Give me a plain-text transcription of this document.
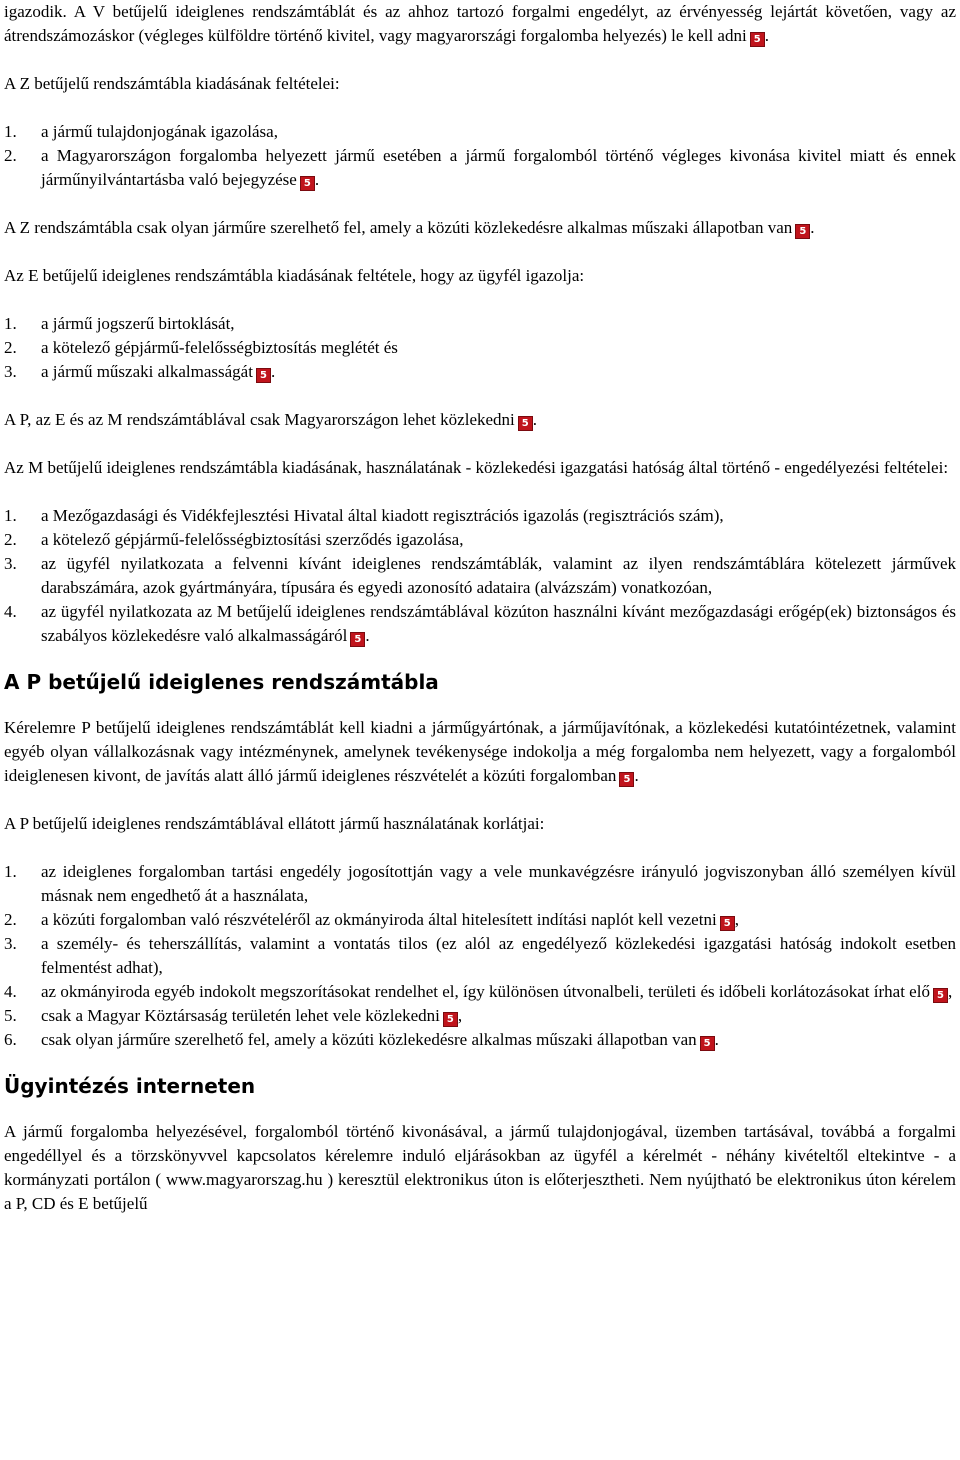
igazodik. A V betűjelű ideiglenes rendszámtáblát és az ahhoz tartozó forgalmi engedélyt, az érvényesség lejártát követően, vagy az átrendszámozáskor (végleges külföldre történő kivitel, vagy magyarországi forgalomba helyezés) le kell adni 5 .

A Z betűjelű rendszámtábla kiadásának feltételei:

1.	a jármű tulajdonjogának igazolása,
2.	a Magyarországon forgalomba helyezett jármű esetében a jármű forgalomból történő végleges kivonása kivitel miatt és ennek járműnyilvántartásba való bejegyzése 5 .

A Z rendszámtábla csak olyan járműre szerelhető fel, amely a közúti közlekedésre alkalmas műszaki állapotban van 5 .

Az E betűjelű ideiglenes rendszámtábla kiadásának feltétele, hogy az ügyfél igazolja:

1.	a jármű jogszerű birtoklását,
2.	a kötelező gépjármű-felelősségbiztosítás meglétét és
3.	a jármű műszaki alkalmasságát 5 .

A P, az E és az M rendszámtáblával csak Magyarországon lehet közlekedni 5 .

Az M betűjelű ideiglenes rendszámtábla kiadásának, használatának - közlekedési igazgatási hatóság által történő - engedélyezési feltételei:

1.	a Mezőgazdasági és Vidékfejlesztési Hivatal által kiadott regisztrációs igazolás (regisztrációs szám),
2.	a kötelező gépjármű-felelősségbiztosítási szerződés igazolása,
3.	az ügyfél nyilatkozata a felvenni kívánt ideiglenes rendszámtáblák, valamint az ilyen rendszámtáblára kötelezett járművek darabszámára, azok gyártmányára, típusára és egyedi azonosító adataira (alvázszám) vonatkozóan,
4.	az ügyfél nyilatkozata az M betűjelű ideiglenes rendszámtáblával közúton használni kívánt mezőgazdasági erőgép(ek) biztonságos és szabályos közlekedésre való alkalmasságáról 5 .
A P betűjelű ideiglenes rendszámtábla

Kérelemre P betűjelű ideiglenes rendszámtáblát kell kiadni a járműgyártónak, a járműjavítónak, a közlekedési kutatóintézetnek, valamint egyéb olyan vállalkozásnak vagy intézménynek, amelynek tevékenysége indokolja a még forgalomba nem helyezett, vagy a forgalomból ideiglenesen kivont, de javítás alatt álló jármű ideiglenes részvételét a közúti forgalomban 5 .

A P betűjelű ideiglenes rendszámtáblával ellátott jármű használatának korlátjai:

1.	az ideiglenes forgalomban tartási engedély jogosítottján vagy a vele munkavégzésre irányuló jogviszonyban álló személyen kívül másnak nem engedhető át a használata,
2.	a közúti forgalomban való részvételéről az okmányiroda által hitelesített indítási naplót kell vezetni 5 ,
3.	a személy- és teherszállítás, valamint a vontatás tilos (ez alól az engedélyező közlekedési igazgatási hatóság indokolt esetben felmentést adhat),
4.	az okmányiroda egyéb indokolt megszorításokat rendelhet el, így különösen útvonalbeli, területi és időbeli korlátozásokat írhat elő 5 ,
5.	csak a Magyar Köztársaság területén lehet vele közlekedni 5 ,
6.	csak olyan járműre szerelhető fel, amely a közúti közlekedésre alkalmas műszaki állapotban van 5 .
Ügyintézés interneten

A jármű forgalomba helyezésével, forgalomból történő kivonásával, a jármű tulajdonjogával, üzemben tartásával, továbbá a forgalmi engedéllyel és a törzskönyvvel kapcsolatos kérelemre induló eljárásokban az ügyfél a kérelmét - néhány kivételtől eltekintve - a kormányzati portálon ( www.magyarorszag.hu ) keresztül elektronikus úton is előterjesztheti. Nem nyújtható be elektronikus úton kérelem a P, CD és E betűjelű
